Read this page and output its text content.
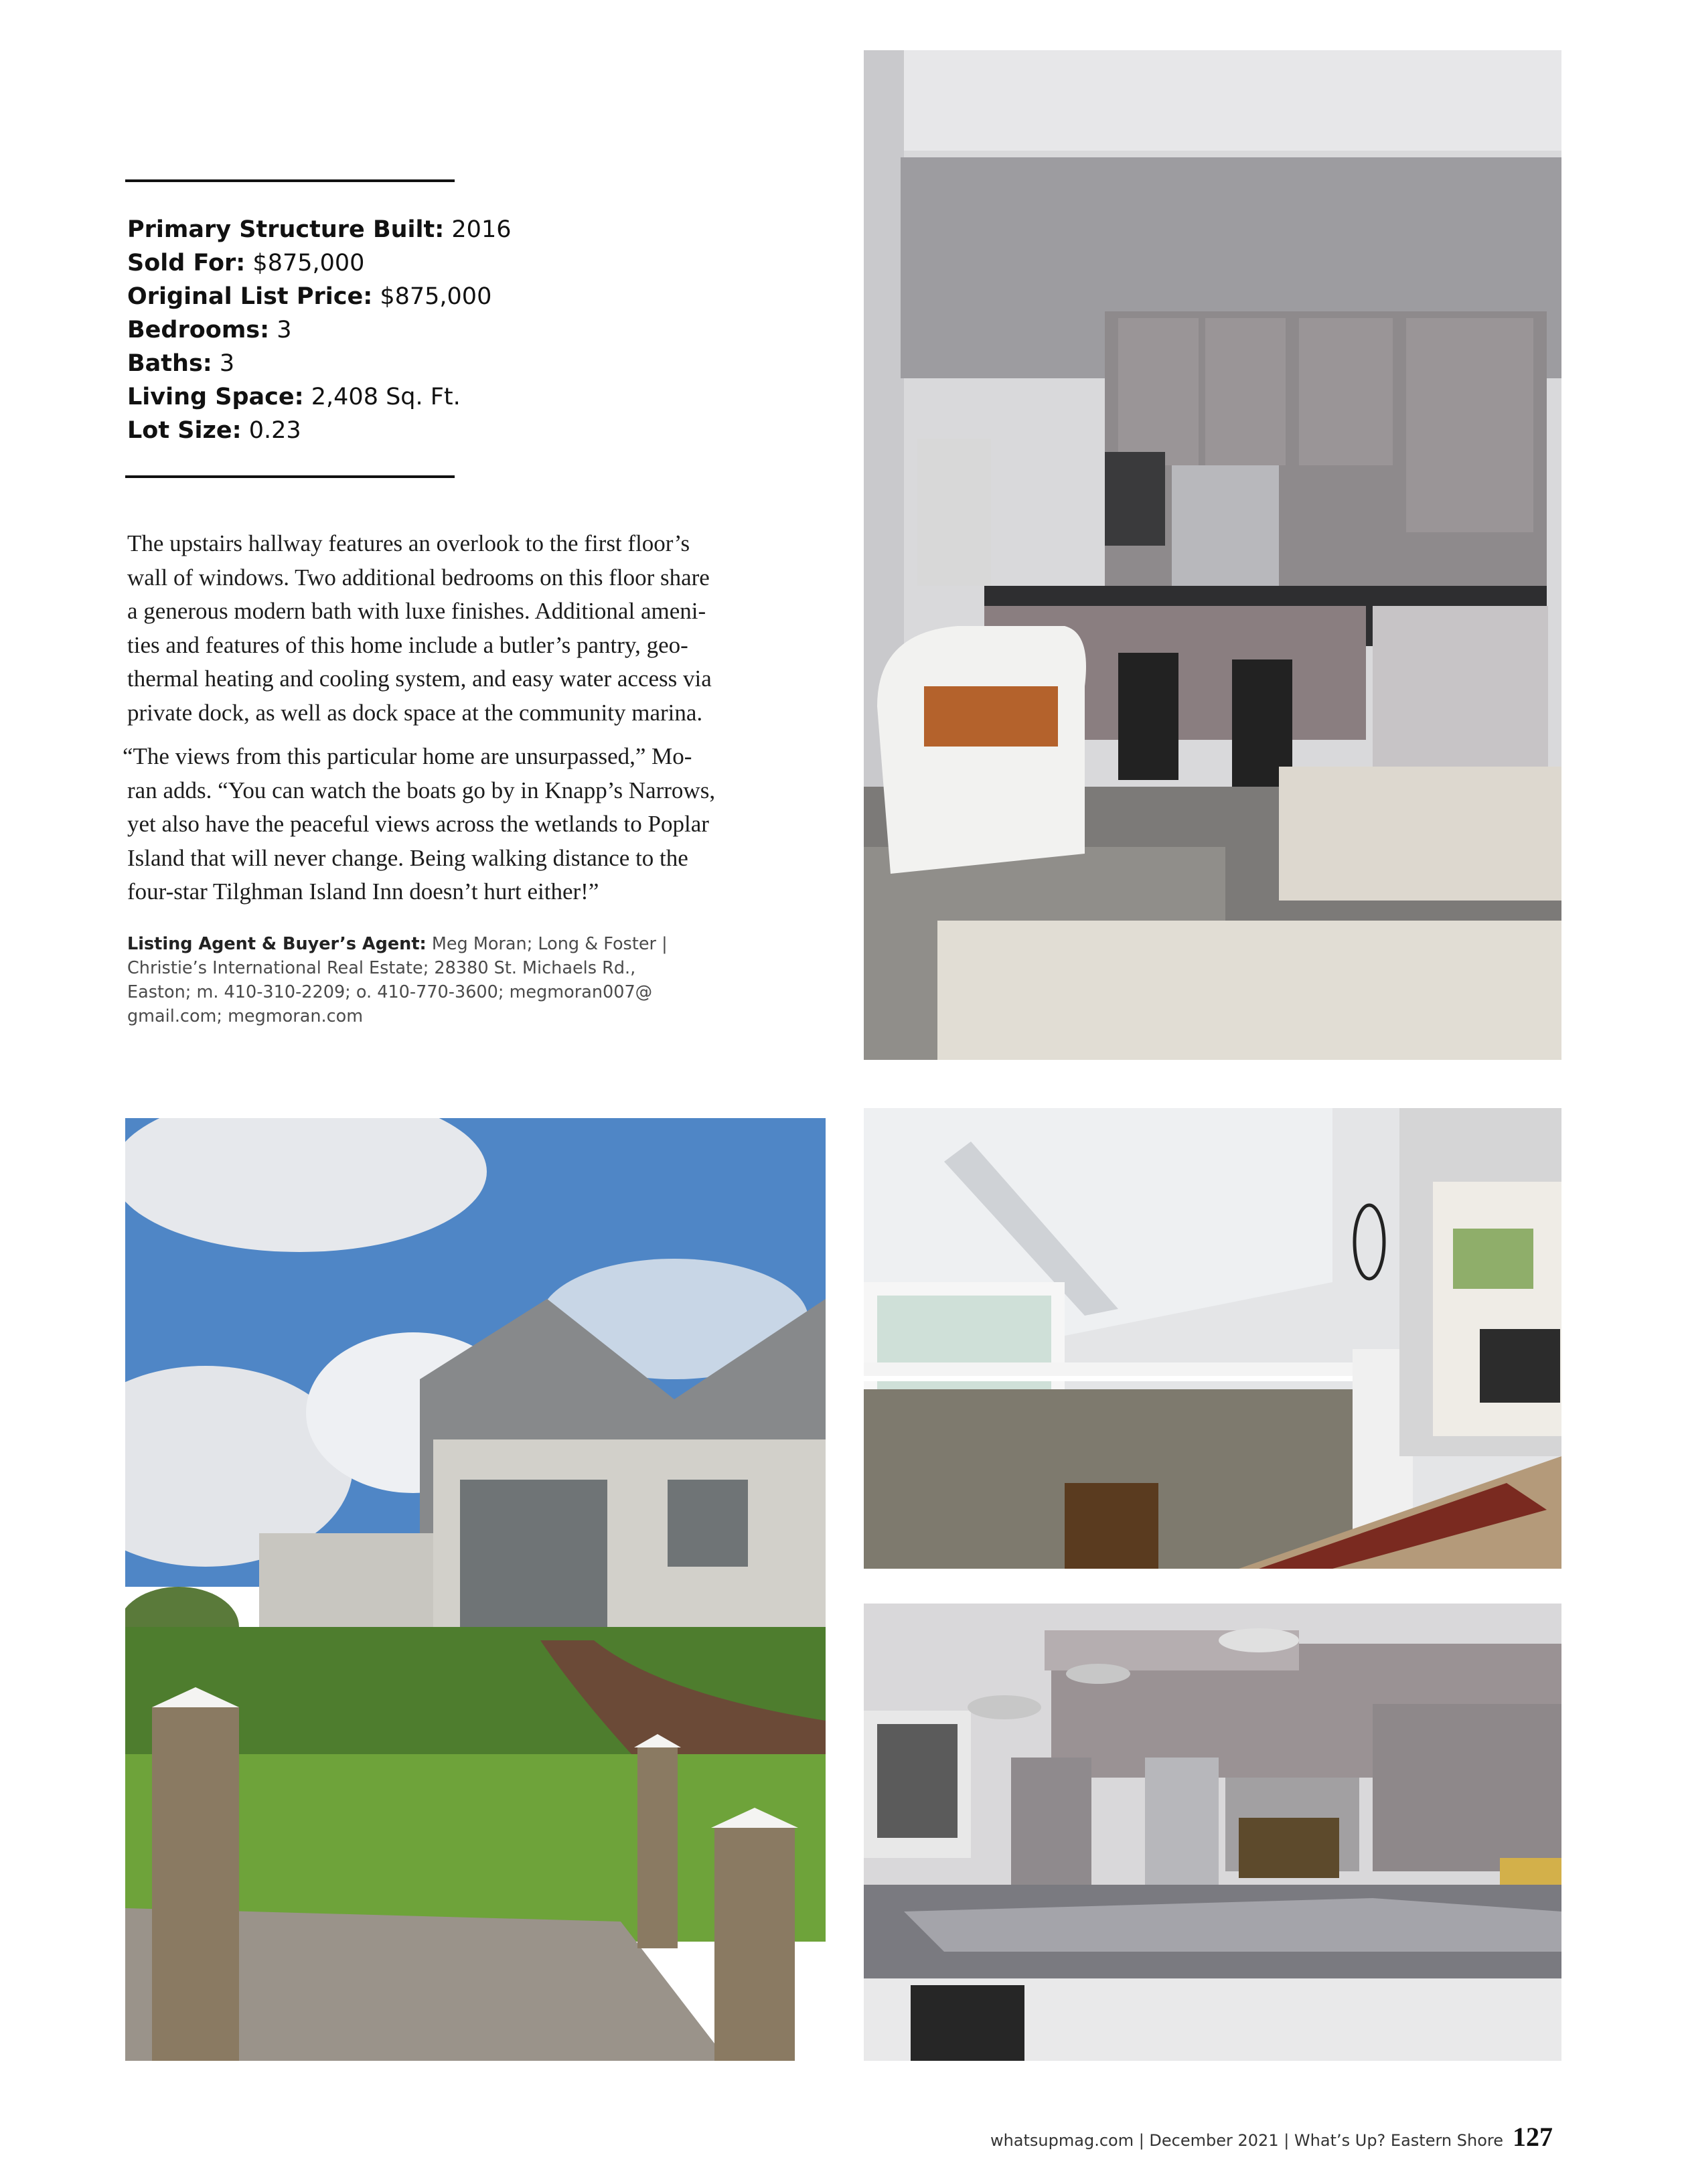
Primary Structure Built: 2016
Sold For: $875,000
Original List Price: $875,000
Bedrooms: 3
Baths: 3
Living Space: 2,408 Sq. Ft.
Lot Size: 0.23
The upstairs hallway features an overlook to the first floor’s
wall of windows. Two additional bedrooms on this floor share
a generous modern bath with luxe finishes. Additional ameni-
ties and features of this home include a butler’s pantry, geo-
thermal heating and cooling system, and easy water access via
private dock, as well as dock space at the community marina.
“The views from this particular home are unsurpassed,” Mo-
ran adds. “You can watch the boats go by in Knapp’s Narrows,
yet also have the peaceful views across the wetlands to Poplar
Island that will never change. Being walking distance to the
four-star Tilghman Island Inn doesn’t hurt either!”
Listing Agent & Buyer’s Agent: Meg Moran; Long & Foster |
Christie’s International Real Estate; 28380 St. Michaels Rd.,
Easton; m. 410-310-2209; o. 410-770-3600; megmoran007@
gmail.com; megmoran.com
whatsupmag.com | December 2021 | What’s Up? Eastern Shore 127
